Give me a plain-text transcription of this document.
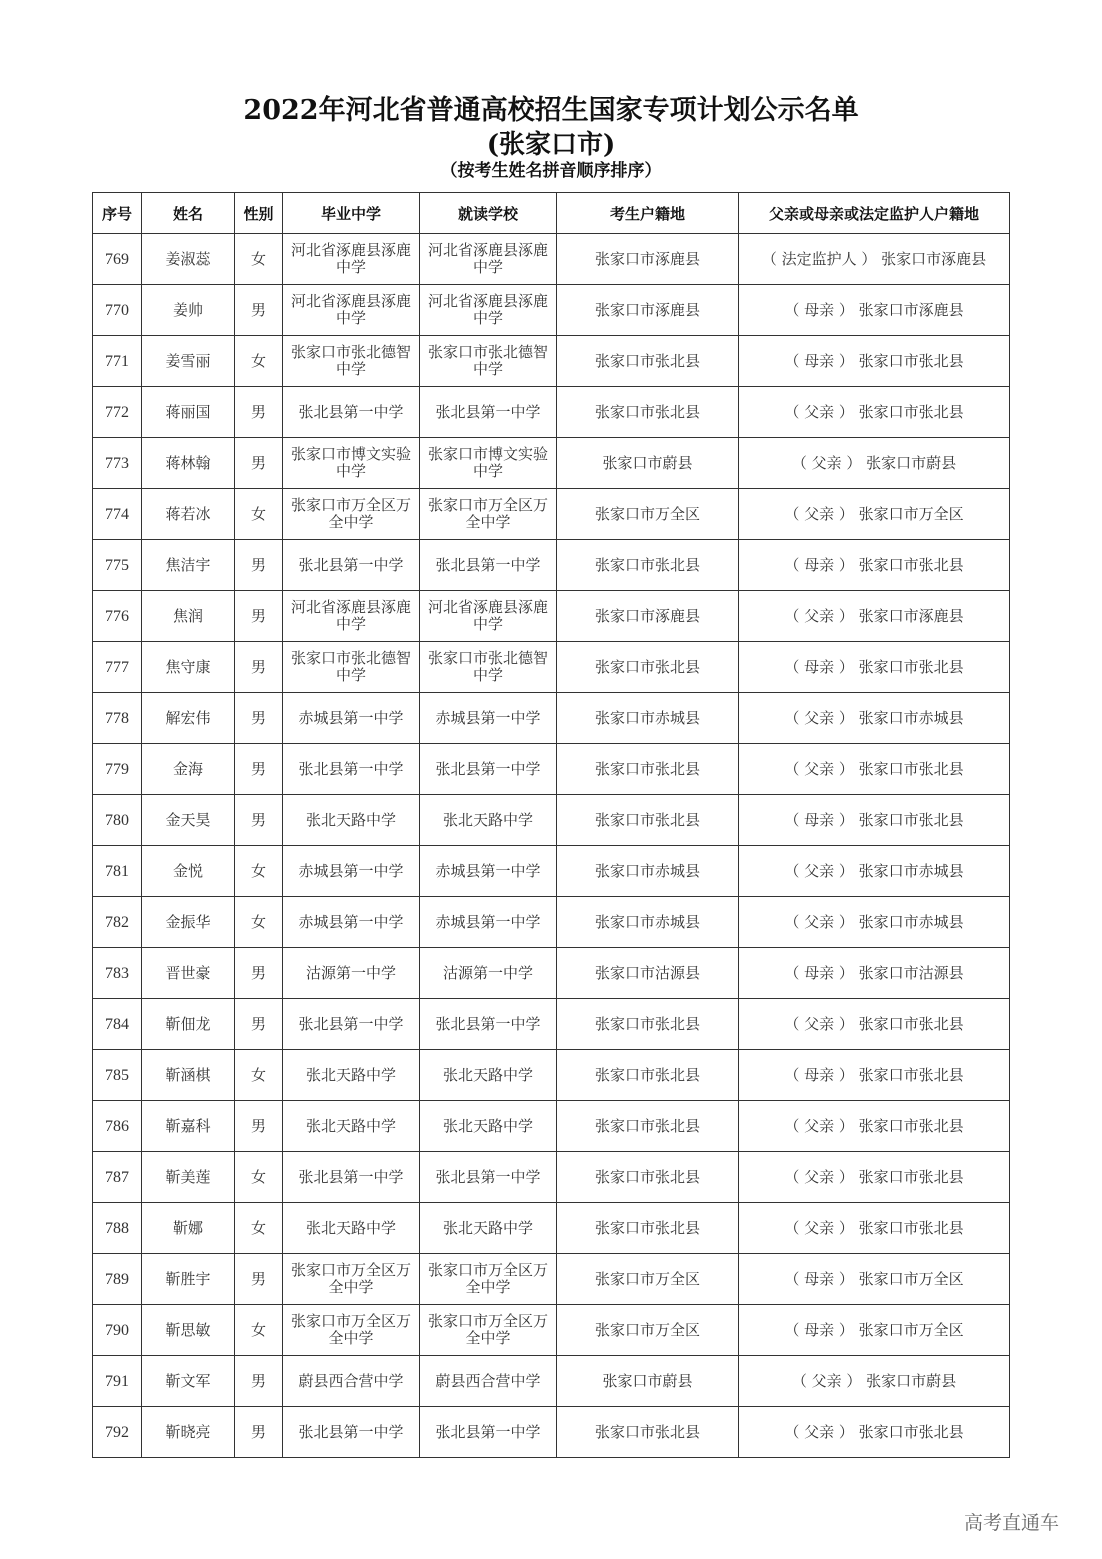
2022年河北省普通高校招生国家专项计划公示名单
(张家口市)
（按考生姓名拼音顺序排序）
序号	姓名	性别	毕业中学	就读学校	考生户籍地	父亲或母亲或法定监护人户籍地
769	姜淑蕊	女	河北省涿鹿县涿鹿中学	河北省涿鹿县涿鹿中学	张家口市涿鹿县	（ 法定监护人 ） 张家口市涿鹿县
770	姜帅	男	河北省涿鹿县涿鹿中学	河北省涿鹿县涿鹿中学	张家口市涿鹿县	（ 母亲 ） 张家口市涿鹿县
771	姜雪丽	女	张家口市张北德智中学	张家口市张北德智中学	张家口市张北县	（ 母亲 ） 张家口市张北县
772	蒋丽国	男	张北县第一中学	张北县第一中学	张家口市张北县	（ 父亲 ） 张家口市张北县
773	蒋林翰	男	张家口市博文实验中学	张家口市博文实验中学	张家口市蔚县	（ 父亲 ） 张家口市蔚县
774	蒋若冰	女	张家口市万全区万全中学	张家口市万全区万全中学	张家口市万全区	（ 父亲 ） 张家口市万全区
775	焦洁宇	男	张北县第一中学	张北县第一中学	张家口市张北县	（ 母亲 ） 张家口市张北县
776	焦润	男	河北省涿鹿县涿鹿中学	河北省涿鹿县涿鹿中学	张家口市涿鹿县	（ 父亲 ） 张家口市涿鹿县
777	焦守康	男	张家口市张北德智中学	张家口市张北德智中学	张家口市张北县	（ 母亲 ） 张家口市张北县
778	解宏伟	男	赤城县第一中学	赤城县第一中学	张家口市赤城县	（ 父亲 ） 张家口市赤城县
779	金海	男	张北县第一中学	张北县第一中学	张家口市张北县	（ 父亲 ） 张家口市张北县
780	金天昊	男	张北天路中学	张北天路中学	张家口市张北县	（ 母亲 ） 张家口市张北县
781	金悦	女	赤城县第一中学	赤城县第一中学	张家口市赤城县	（ 父亲 ） 张家口市赤城县
782	金振华	女	赤城县第一中学	赤城县第一中学	张家口市赤城县	（ 父亲 ） 张家口市赤城县
783	晋世豪	男	沽源第一中学	沽源第一中学	张家口市沽源县	（ 母亲 ） 张家口市沽源县
784	靳佃龙	男	张北县第一中学	张北县第一中学	张家口市张北县	（ 父亲 ） 张家口市张北县
785	靳涵棋	女	张北天路中学	张北天路中学	张家口市张北县	（ 母亲 ） 张家口市张北县
786	靳嘉科	男	张北天路中学	张北天路中学	张家口市张北县	（ 父亲 ） 张家口市张北县
787	靳美莲	女	张北县第一中学	张北县第一中学	张家口市张北县	（ 父亲 ） 张家口市张北县
788	靳娜	女	张北天路中学	张北天路中学	张家口市张北县	（ 父亲 ） 张家口市张北县
789	靳胜宇	男	张家口市万全区万全中学	张家口市万全区万全中学	张家口市万全区	（ 母亲 ） 张家口市万全区
790	靳思敏	女	张家口市万全区万全中学	张家口市万全区万全中学	张家口市万全区	（ 母亲 ） 张家口市万全区
791	靳文军	男	蔚县西合营中学	蔚县西合营中学	张家口市蔚县	（ 父亲 ） 张家口市蔚县
792	靳晓亮	男	张北县第一中学	张北县第一中学	张家口市张北县	（ 父亲 ） 张家口市张北县
高考直通车
